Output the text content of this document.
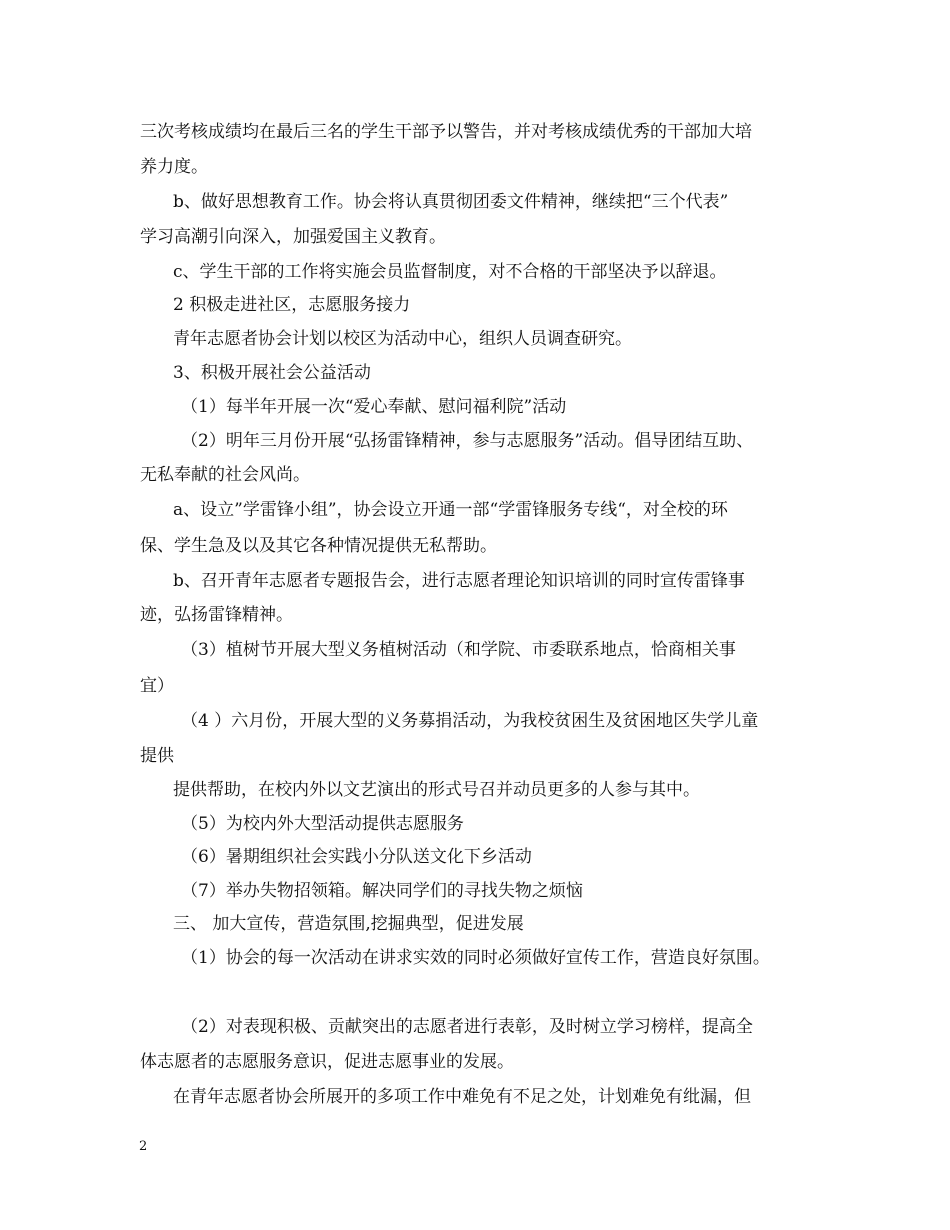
三次考核成绩均在最后三名的学生干部予以警告，并对考核成绩优秀的干部加大培
养力度。
b、做好思想教育工作。协会将认真贯彻团委文件精神，继续把“三个代表”
学习高潮引向深入，加强爱国主义教育。
c、学生干部的工作将实施会员监督制度，对不合格的干部坚决予以辞退。
2 积极走进社区，志愿服务接力
青年志愿者协会计划以校区为活动中心，组织人员调查研究。
3、积极开展社会公益活动
（1）每半年开展一次“爱心奉献、慰问福利院”活动
（2）明年三月份开展“弘扬雷锋精神，参与志愿服务”活动。倡导团结互助、
无私奉献的社会风尚。
a、设立”学雷锋小组”，协会设立开通一部“学雷锋服务专线“，对全校的环
保、学生急及以及其它各种情况提供无私帮助。
b、召开青年志愿者专题报告会，进行志愿者理论知识培训的同时宣传雷锋事
迹，弘扬雷锋精神。
（3）植树节开展大型义务植树活动（和学院、市委联系地点，恰商相关事
宜）
（4 ）六月份，开展大型的义务募捐活动，为我校贫困生及贫困地区失学儿童
提供
提供帮助，在校内外以文艺演出的形式号召并动员更多的人参与其中。
（5）为校内外大型活动提供志愿服务
（6）暑期组织社会实践小分队送文化下乡活动
（7）举办失物招领箱。解决同学们的寻找失物之烦恼
三、 加大宣传，营造氛围,挖掘典型，促进发展
（1）协会的每一次活动在讲求实效的同时必须做好宣传工作，营造良好氛围。
（2）对表现积极、贡献突出的志愿者进行表彰，及时树立学习榜样，提高全
体志愿者的志愿服务意识，促进志愿事业的发展。
在青年志愿者协会所展开的多项工作中难免有不足之处，计划难免有纰漏，但
2
